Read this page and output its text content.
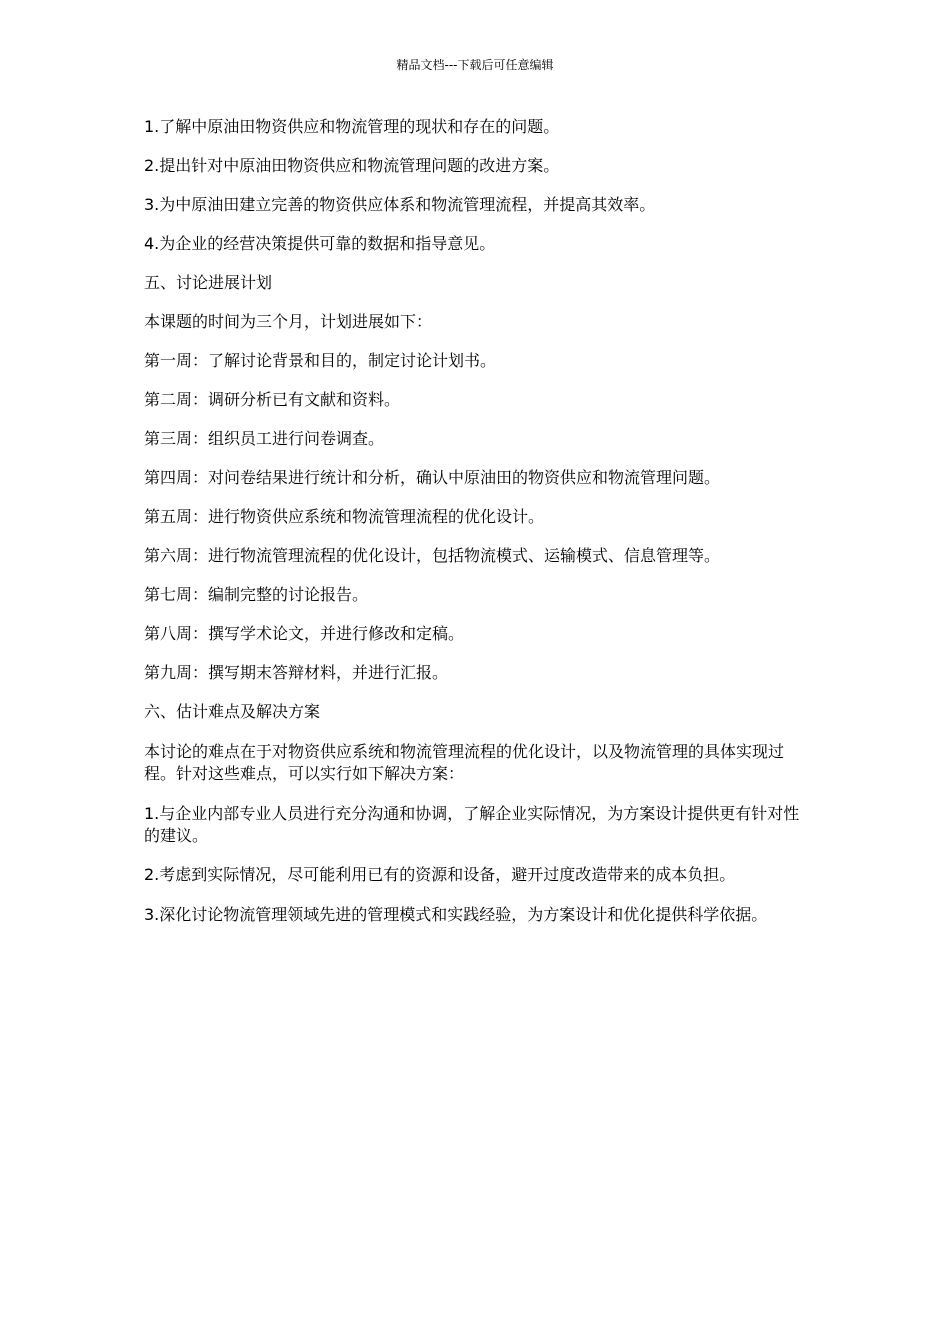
精品文档---下载后可任意编辑

1.了解中原油田物资供应和物流管理的现状和存在的问题。

2.提出针对中原油田物资供应和物流管理问题的改进方案。

3.为中原油田建立完善的物资供应体系和物流管理流程，并提高其效率。

4.为企业的经营决策提供可靠的数据和指导意见。

五、讨论进展计划

本课题的时间为三个月，计划进展如下：

第一周：了解讨论背景和目的，制定讨论计划书。

第二周：调研分析已有文献和资料。

第三周：组织员工进行问卷调查。

第四周：对问卷结果进行统计和分析，确认中原油田的物资供应和物流管理问题。

第五周：进行物资供应系统和物流管理流程的优化设计。

第六周：进行物流管理流程的优化设计，包括物流模式、运输模式、信息管理等。

第七周：编制完整的讨论报告。

第八周：撰写学术论文，并进行修改和定稿。

第九周：撰写期末答辩材料，并进行汇报。

六、估计难点及解决方案

本讨论的难点在于对物资供应系统和物流管理流程的优化设计，以及物流管理的具体实现过程。针对这些难点，可以实行如下解决方案：

1.与企业内部专业人员进行充分沟通和协调，了解企业实际情况，为方案设计提供更有针对性的建议。

2.考虑到实际情况，尽可能利用已有的资源和设备，避开过度改造带来的成本负担。

3.深化讨论物流管理领域先进的管理模式和实践经验，为方案设计和优化提供科学依据。
